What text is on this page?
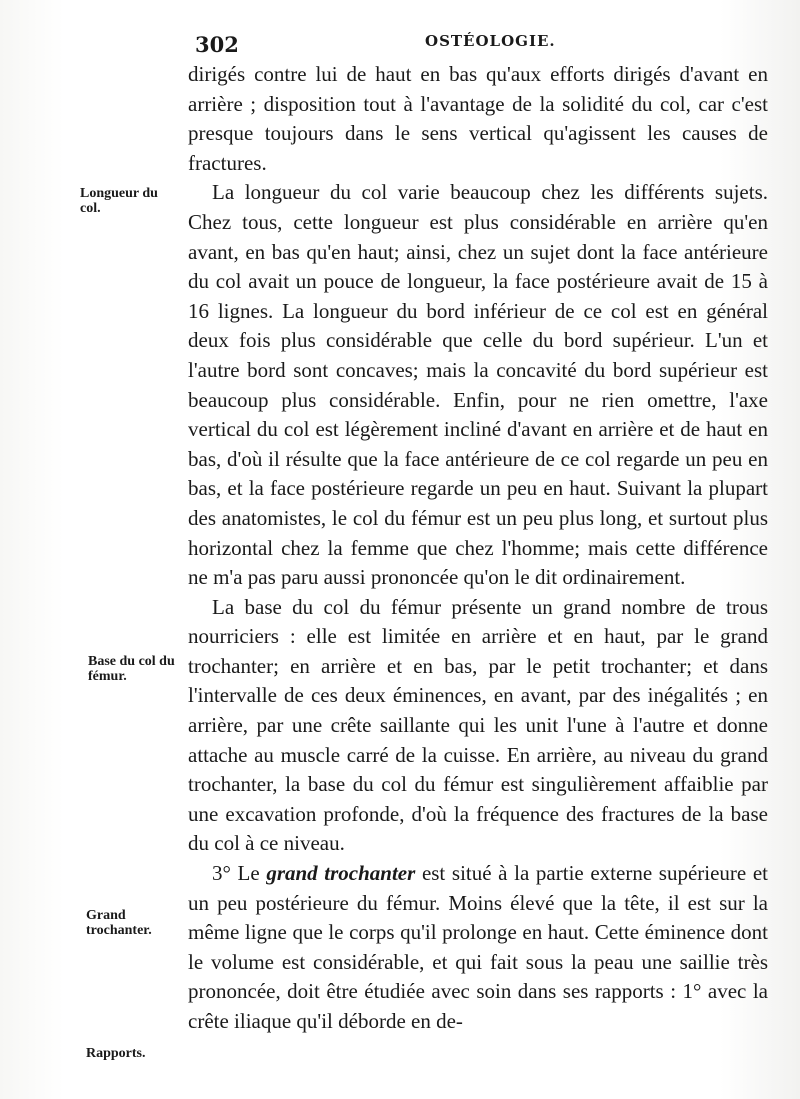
302	OSTÉOLOGIE.
Longueur du col.
Base du col du fémur.
Grand trochanter.
Rapports.

dirigés contre lui de haut en bas qu'aux efforts dirigés d'avant en arrière ; disposition tout à l'avantage de la solidité du col, car c'est presque toujours dans le sens vertical qu'agissent les causes de fractures.

La longueur du col varie beaucoup chez les différents sujets. Chez tous, cette longueur est plus considérable en arrière qu'en avant, en bas qu'en haut; ainsi, chez un sujet dont la face antérieure du col avait un pouce de longueur, la face postérieure avait de 15 à 16 lignes. La longueur du bord inférieur de ce col est en général deux fois plus considérable que celle du bord supérieur. L'un et l'autre bord sont concaves; mais la concavité du bord supérieur est beaucoup plus considérable. Enfin, pour ne rien omettre, l'axe vertical du col est légèrement incliné d'avant en arrière et de haut en bas, d'où il résulte que la face antérieure de ce col regarde un peu en bas, et la face postérieure regarde un peu en haut. Suivant la plupart des anatomistes, le col du fémur est un peu plus long, et surtout plus horizontal chez la femme que chez l'homme; mais cette différence ne m'a pas paru aussi prononcée qu'on le dit ordinairement.

La base du col du fémur présente un grand nombre de trous nourriciers : elle est limitée en arrière et en haut, par le grand trochanter; en arrière et en bas, par le petit trochanter; et dans l'intervalle de ces deux éminences, en avant, par des inégalités ; en arrière, par une crête saillante qui les unit l'une à l'autre et donne attache au muscle carré de la cuisse. En arrière, au niveau du grand trochanter, la base du col du fémur est singulièrement affaiblie par une excavation profonde, d'où la fréquence des fractures de la base du col à ce niveau.

3° Le grand trochanter est situé à la partie externe supérieure et un peu postérieure du fémur. Moins élevé que la tête, il est sur la même ligne que le corps qu'il prolonge en haut. Cette éminence dont le volume est considérable, et qui fait sous la peau une saillie très prononcée, doit être étudiée avec soin dans ses rapports : 1° avec la crête iliaque qu'il déborde en de-
